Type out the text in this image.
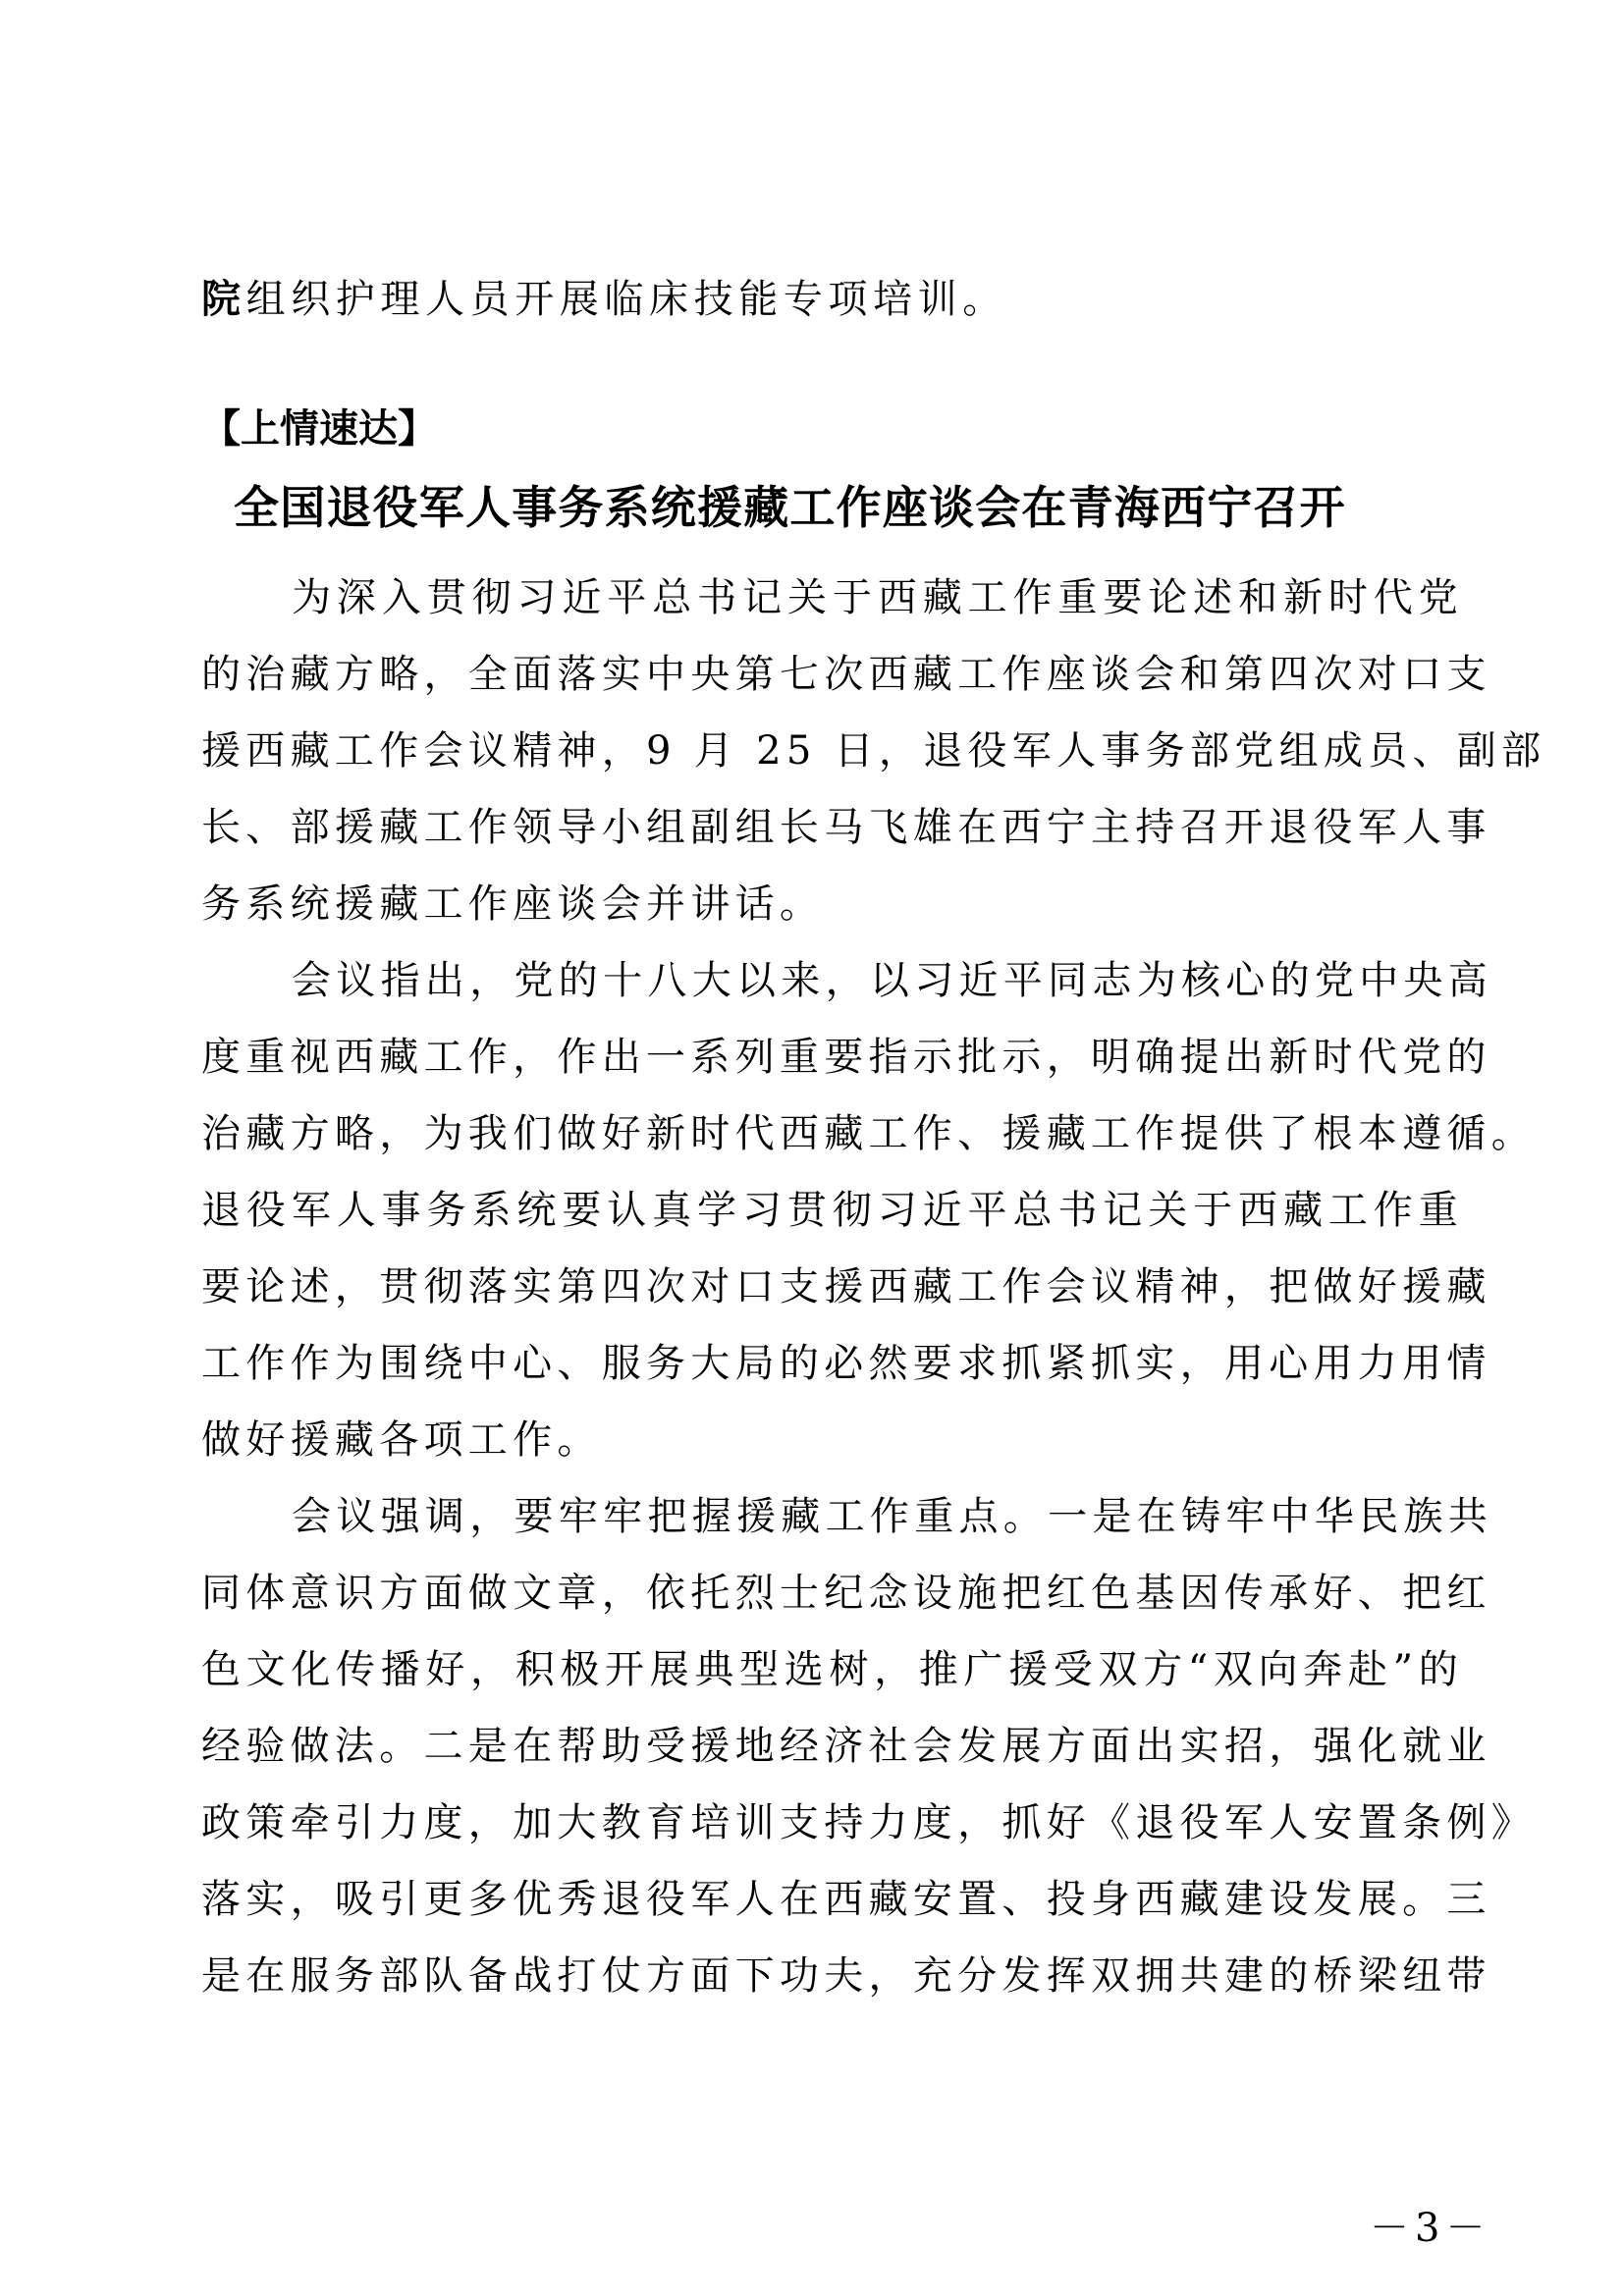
院组织护理人员开展临床技能专项培训。

【上情速达】

全国退役军人事务系统援藏工作座谈会在青海西宁召开
为深入贯彻习近平总书记关于西藏工作重要论述和新时代党
的治藏方略，全面落实中央第七次西藏工作座谈会和第四次对口支
援西藏工作会议精神，9 月 25 日，退役军人事务部党组成员、副部
长、部援藏工作领导小组副组长马飞雄在西宁主持召开退役军人事
务系统援藏工作座谈会并讲话。
会议指出，党的十八大以来，以习近平同志为核心的党中央高
度重视西藏工作，作出一系列重要指示批示，明确提出新时代党的
治藏方略，为我们做好新时代西藏工作、援藏工作提供了根本遵循。
退役军人事务系统要认真学习贯彻习近平总书记关于西藏工作重
要论述，贯彻落实第四次对口支援西藏工作会议精神，把做好援藏
工作作为围绕中心、服务大局的必然要求抓紧抓实，用心用力用情
做好援藏各项工作。
会议强调，要牢牢把握援藏工作重点。一是在铸牢中华民族共
同体意识方面做文章，依托烈士纪念设施把红色基因传承好、把红
色文化传播好，积极开展典型选树，推广援受双方“双向奔赴”的
经验做法。二是在帮助受援地经济社会发展方面出实招，强化就业
政策牵引力度，加大教育培训支持力度，抓好《退役军人安置条例》
落实，吸引更多优秀退役军人在西藏安置、投身西藏建设发展。三
是在服务部队备战打仗方面下功夫，充分发挥双拥共建的桥梁纽带

－3－
